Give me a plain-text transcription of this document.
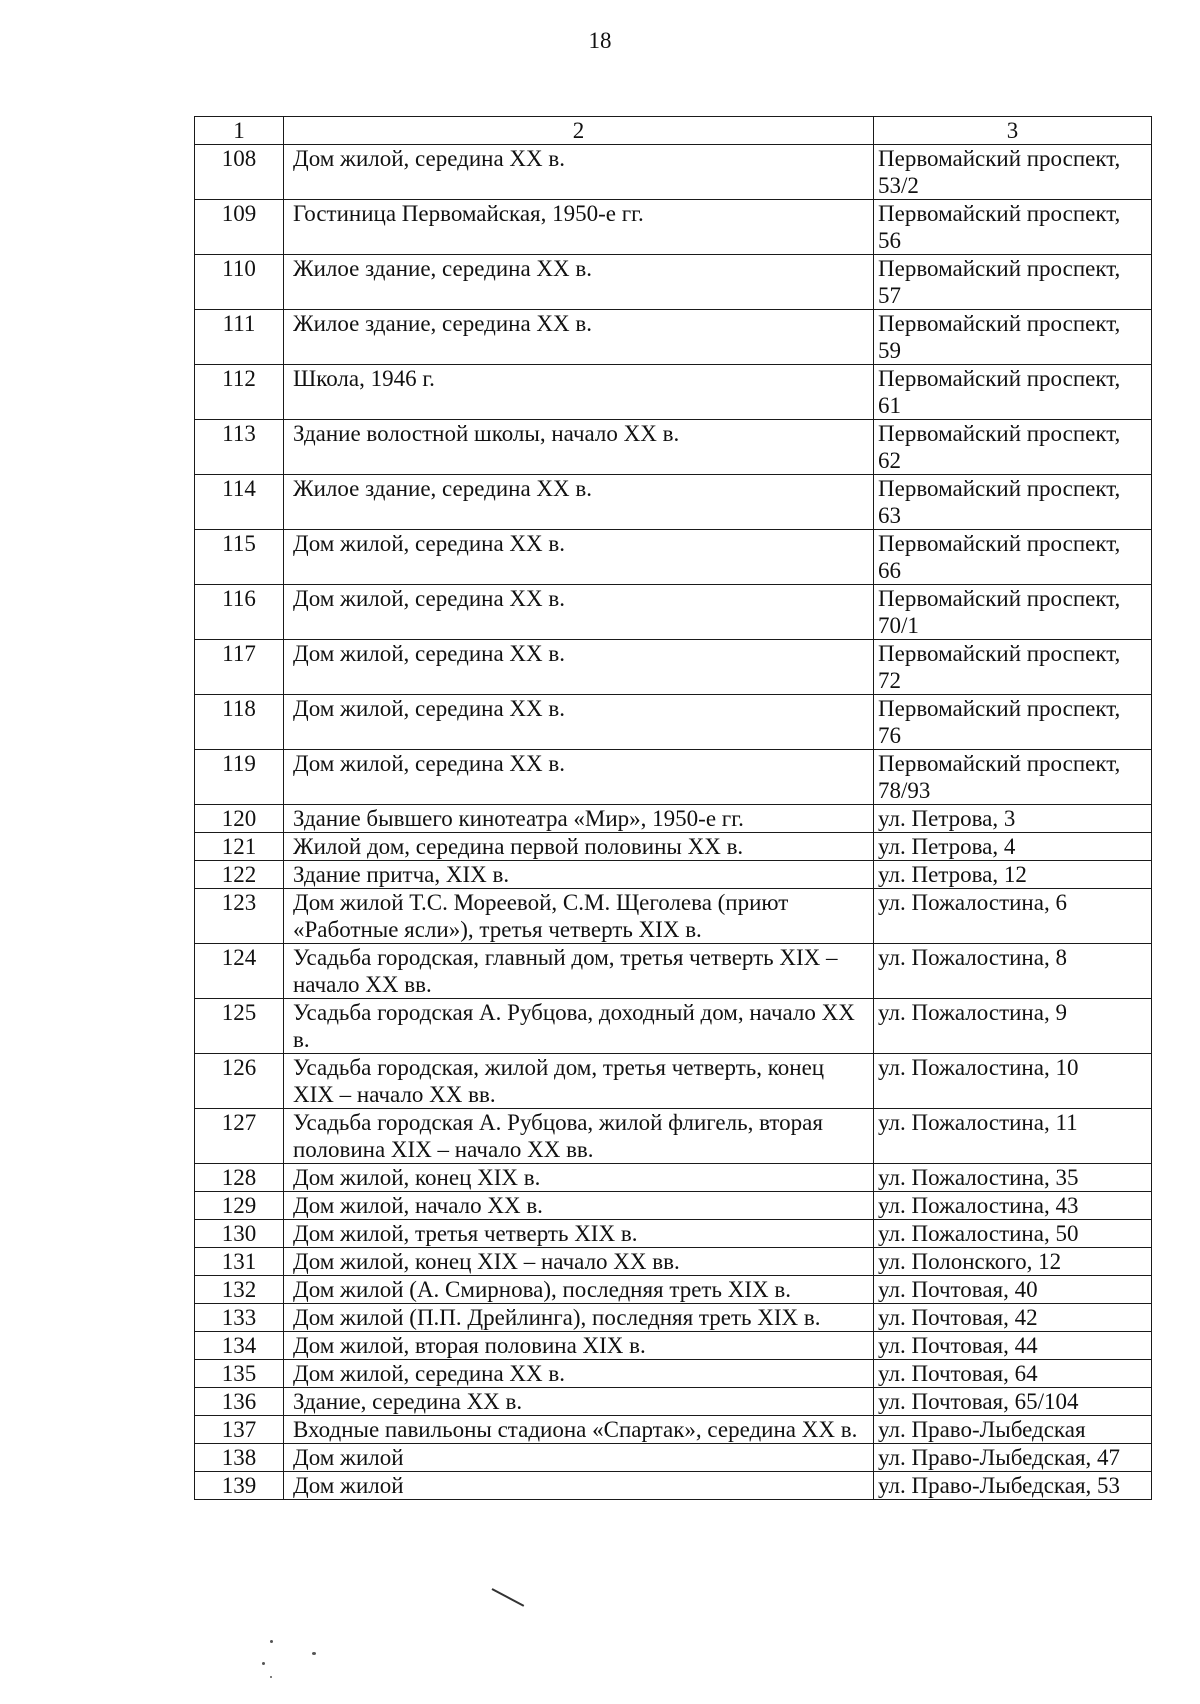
18
1	2	3
108	Дом жилой, середина XX в.	Первомайский проспект, 53/2
109	Гостиница Первомайская, 1950-е гг.	Первомайский проспект, 56
110	Жилое здание, середина XX в.	Первомайский проспект, 57
111	Жилое здание, середина XX в.	Первомайский проспект, 59
112	Школа, 1946 г.	Первомайский проспект, 61
113	Здание волостной школы, начало XX в.	Первомайский проспект, 62
114	Жилое здание, середина XX в.	Первомайский проспект, 63
115	Дом жилой, середина XX в.	Первомайский проспект, 66
116	Дом жилой, середина XX в.	Первомайский проспект, 70/1
117	Дом жилой, середина XX в.	Первомайский проспект, 72
118	Дом жилой, середина XX в.	Первомайский проспект, 76
119	Дом жилой, середина XX в.	Первомайский проспект, 78/93
120	Здание бывшего кинотеатра «Мир», 1950-е гг.	ул. Петрова, 3
121	Жилой дом, середина первой половины XX в.	ул. Петрова, 4
122	Здание притча, XIX в.	ул. Петрова, 12
123	Дом жилой Т.С. Мореевой, С.М. Щеголева (приют «Работные ясли»), третья четверть XIX в.	ул. Пожалостина, 6
124	Усадьба городская, главный дом, третья четверть XIX – начало XX вв.	ул. Пожалостина, 8
125	Усадьба городская А. Рубцова, доходный дом, начало XX в.	ул. Пожалостина, 9
126	Усадьба городская, жилой дом, третья четверть, конец XIX – начало XX вв.	ул. Пожалостина, 10
127	Усадьба городская А. Рубцова, жилой флигель, вторая половина XIX – начало XX вв.	ул. Пожалостина, 11
128	Дом жилой, конец XIX в.	ул. Пожалостина, 35
129	Дом жилой, начало XX в.	ул. Пожалостина, 43
130	Дом жилой, третья четверть XIX в.	ул. Пожалостина, 50
131	Дом жилой, конец XIX – начало XX вв.	ул. Полонского, 12
132	Дом жилой (А. Смирнова), последняя треть XIX в.	ул. Почтовая, 40
133	Дом жилой (П.П. Дрейлинга), последняя треть XIX в.	ул. Почтовая, 42
134	Дом жилой, вторая половина XIX в.	ул. Почтовая, 44
135	Дом жилой, середина XX в.	ул. Почтовая, 64
136	Здание, середина XX в.	ул. Почтовая, 65/104
137	Входные павильоны стадиона «Спартак», середина XX в.	ул. Право-Лыбедская
138	Дом жилой	ул. Право-Лыбедская, 47
139	Дом жилой	ул. Право-Лыбедская, 53
